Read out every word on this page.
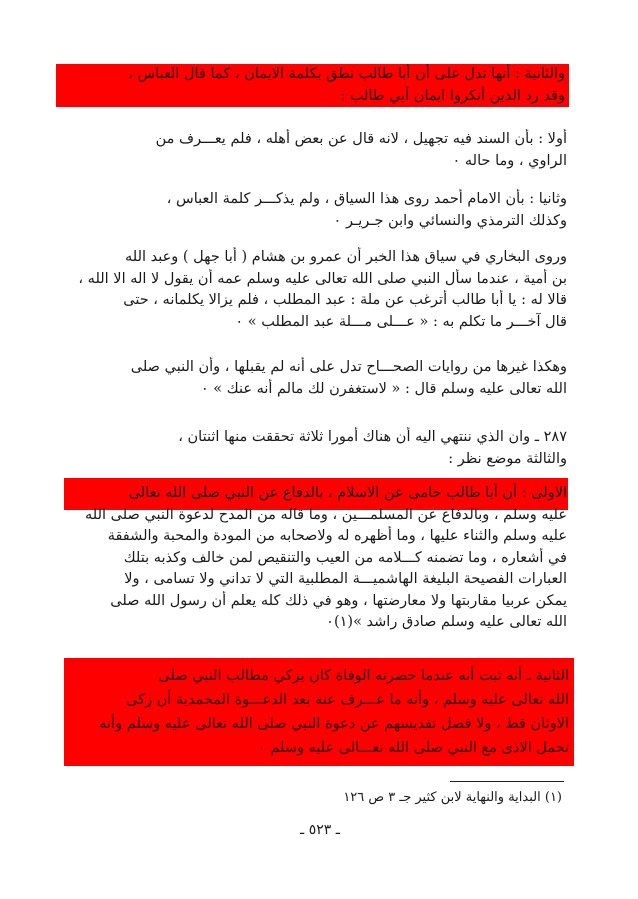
والثانية : أنها تدل على أن أبا طالب نطق بكلمة الايمان ، كما قال العباس ،
وقد رد الذين أنكروا ايمان أبي طالب :
أولا : بأن السند فيه تجهيل ، لانه قال عن بعض أهله ، فلم يعـــرف من
الراوي ، وما حاله ٠
وثانيا : بأن الامام أحمد روى هذا السياق ، ولم يذكـــر كلمة العباس ،
وكذلك الترمذي والنسائي وابن جـريـر ٠
وروى البخاري في سياق هذا الخبر أن عمرو بن هشام ( أبا جهل ) وعبد الله
بن أمية ، عندما سأل النبي صلى الله تعالى عليه وسلم عمه أن يقول لا اله الا الله ،
قالا له : يا أبا طالب أترغب عن ملة : عبد المطلب ، فلم يزالا يكلمانه ، حتى
قال آخـــر ما تكلم به : « عـــلى مـــلة عبد المطلب » ٠
وهكذا غيرها من روايات الصحـــاح تدل على أنه لم يقبلها ، وأن النبي صلى
الله تعالى عليه وسلم قال : « لاستغفرن لك مالم أنه عنك » ٠
٢٨٧ ـ وان الذي ننتهي اليه أن هناك أمورا ثلاثة تحققت منها اثنتان ،
والثالثة موضع نظر :
الاولى : أن أبا طالب حامى عن الاسلام ، بالدفاع عن النبي صلى الله تعالى
عليه وسلم ، وبالدفاع عن المسلمـــين ، وما قاله من المدح لدعوة النبي صلى الله
عليه وسلم والثناء عليها ، وما أظهره له ولاصحابه من المودة والمحبة والشفقة
في أشعاره ، وما تضمنه كـــلامه من العيب والتنقيص لمن خالف وكذبه بتلك
العبارات الفصيحة البليغة الهاشميـــة المطلبية التي لا تداني ولا تسامى ، ولا
يمكن عربيا مقاربتها ولا معارضتها ، وهو في ذلك كله يعلم أن رسول الله صلى
الله تعالى عليه وسلم صادق راشد »(١)٠
الثانية ـ أنه ثبت أنه عندما حضرته الوفاة كان يزكي مطالب النبي صلى
الله تعالى عليه وسلم ، وأنه ما عـــرف عنه بعد الدعـــوة المحمدية أن زكى
الاوثان قط ، ولا فضل تقديسهم عن دعوة النبي صلى الله تعالى عليه وسلم وأنه
تحمل الاذى مع النبي صلى الله تعـــالى عليه وسلم ٠
(١) البداية والنهاية لابن كثير جـ ٣ ص ١٢٦
ـ ٥٢٣ ـ
